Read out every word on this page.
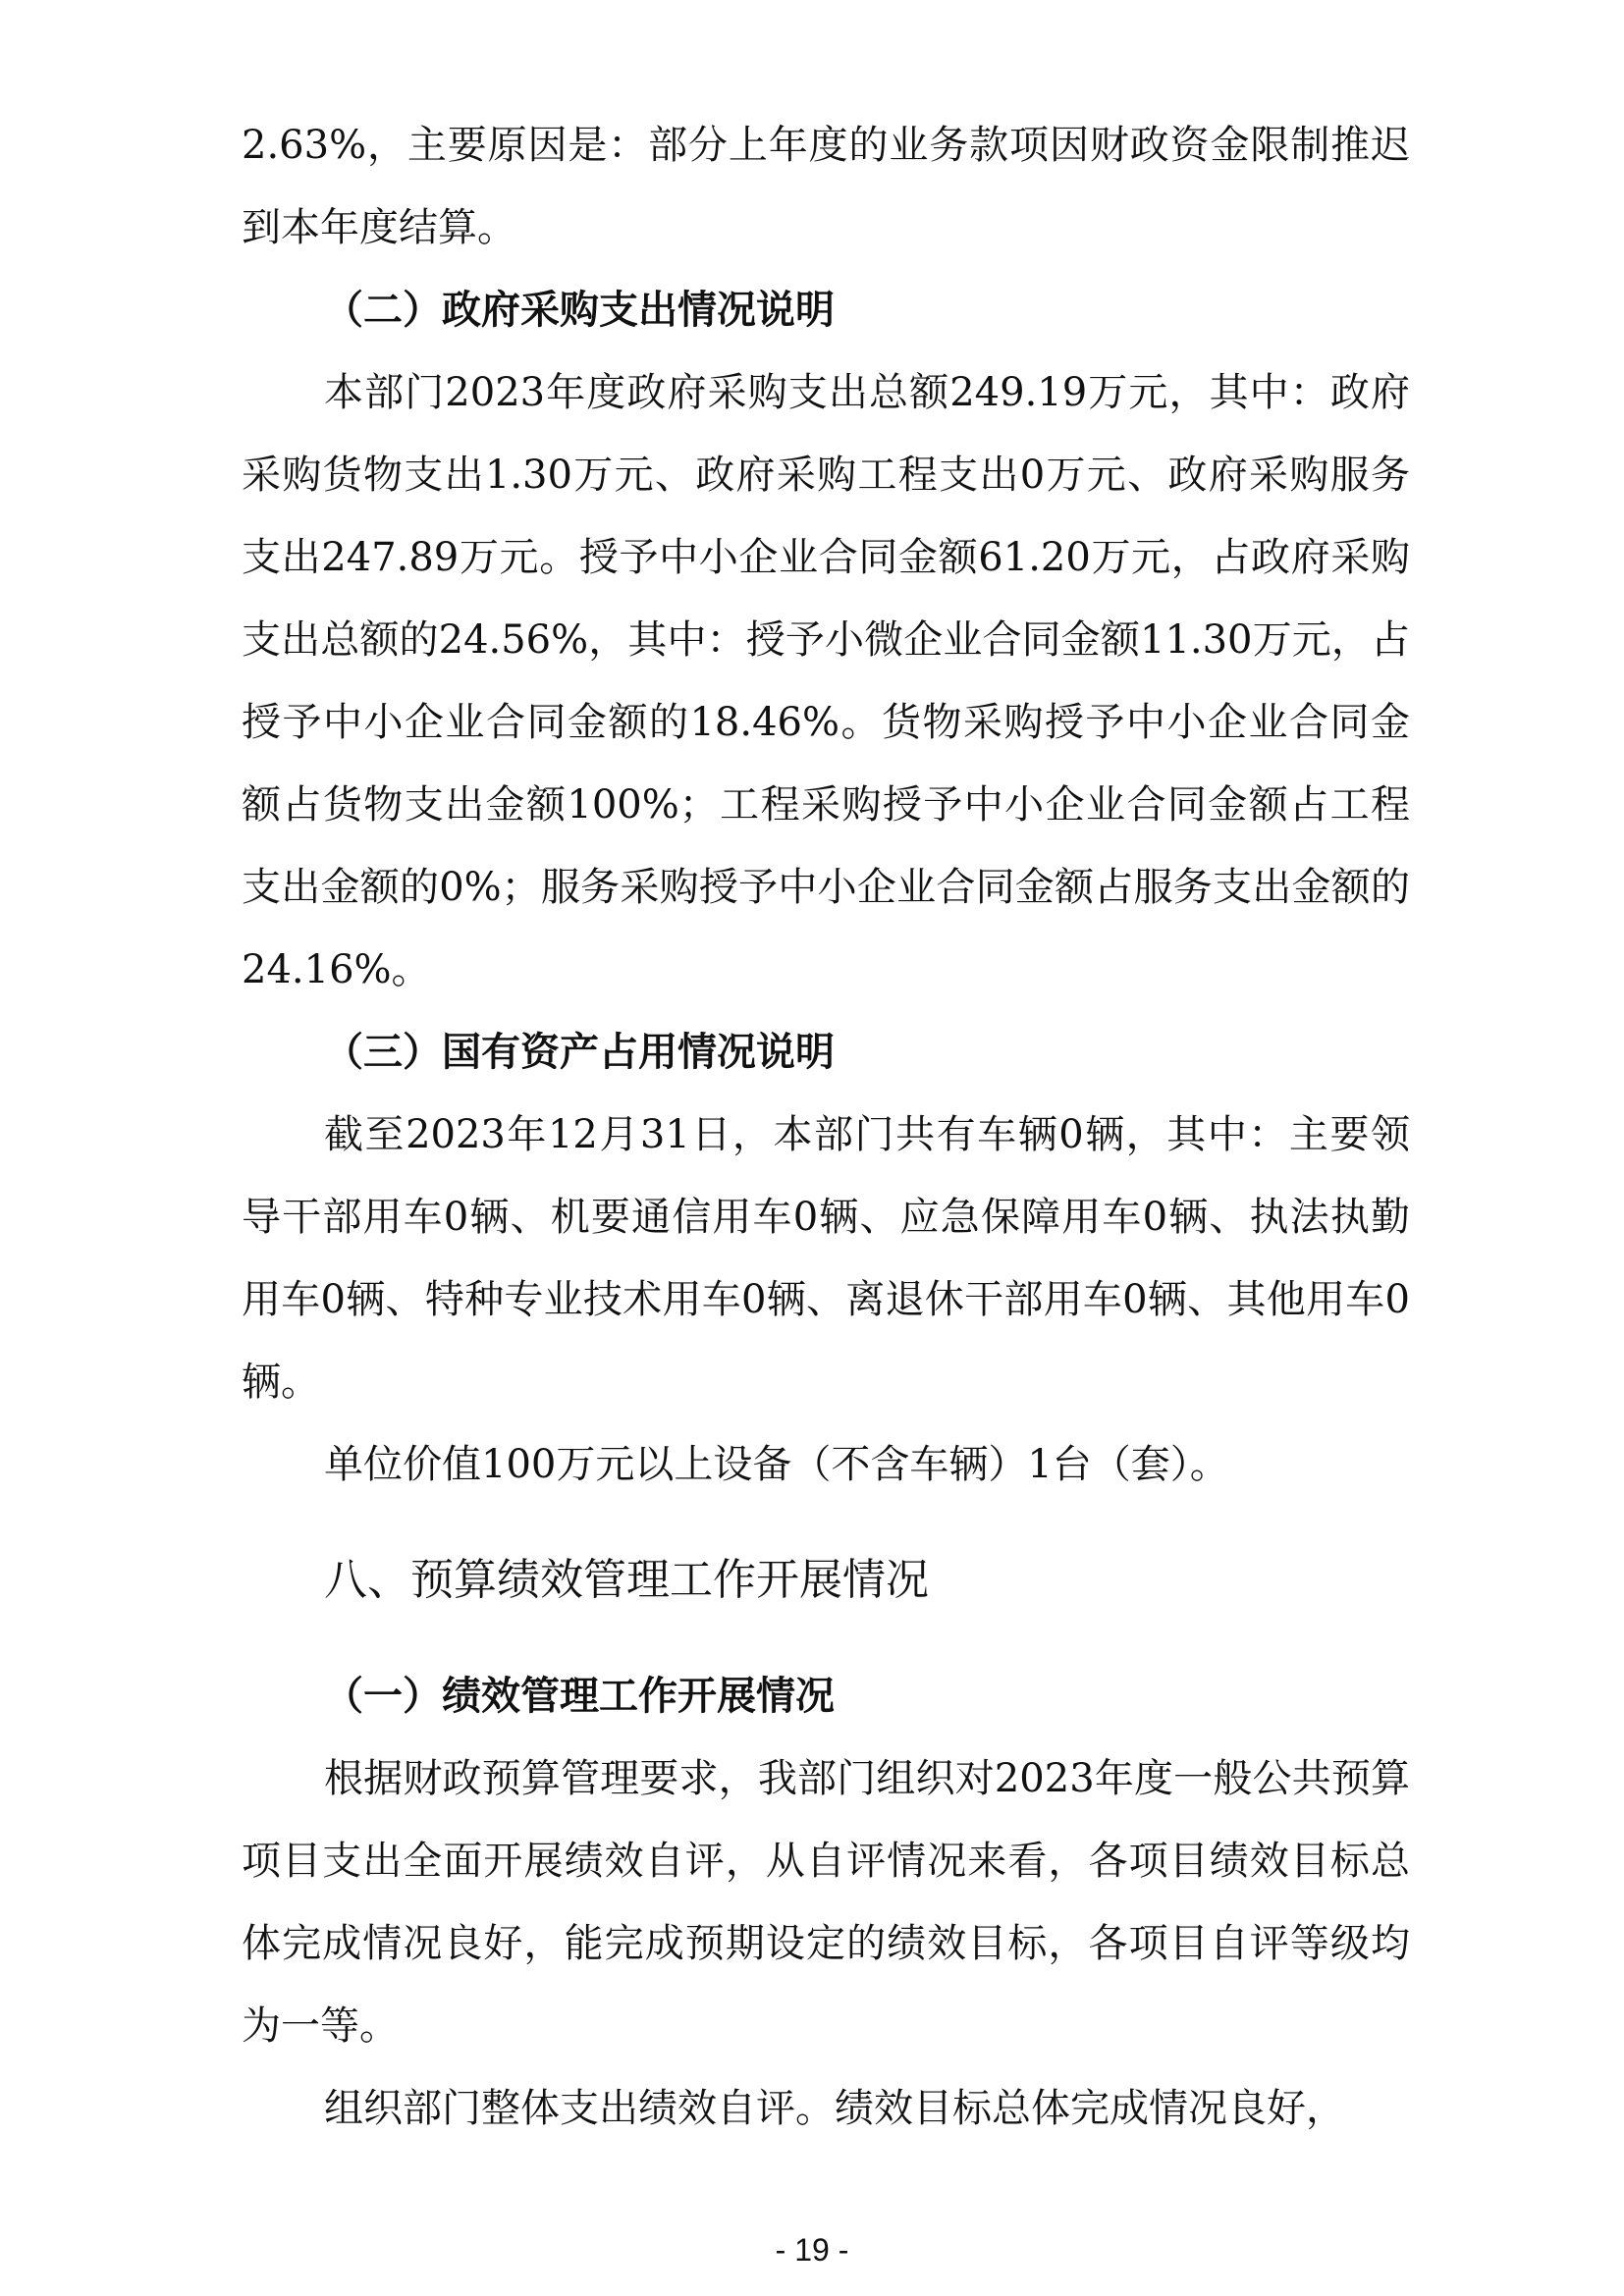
2.63%，主要原因是：部分上年度的业务款项因财政资金限制推迟到本年度结算。

（二）政府采购支出情况说明

本部门2023年度政府采购支出总额249.19万元，其中：政府采购货物支出1.30万元、政府采购工程支出0万元、政府采购服务支出247.89万元。授予中小企业合同金额61.20万元，占政府采购支出总额的24.56%，其中：授予小微企业合同金额11.30万元，占授予中小企业合同金额的18.46%。货物采购授予中小企业合同金额占货物支出金额100%；工程采购授予中小企业合同金额占工程支出金额的0%；服务采购授予中小企业合同金额占服务支出金额的24.16%。

（三）国有资产占用情况说明

截至2023年12月31日，本部门共有车辆0辆，其中：主要领导干部用车0辆、机要通信用车0辆、应急保障用车0辆、执法执勤用车0辆、特种专业技术用车0辆、离退休干部用车0辆、其他用车0辆。

单位价值100万元以上设备（不含车辆）1台（套）。

八、预算绩效管理工作开展情况

（一）绩效管理工作开展情况

根据财政预算管理要求，我部门组织对2023年度一般公共预算项目支出全面开展绩效自评，从自评情况来看，各项目绩效目标总体完成情况良好，能完成预期设定的绩效目标，各项目自评等级均为一等。

组织部门整体支出绩效自评。绩效目标总体完成情况良好，

- 19 -
